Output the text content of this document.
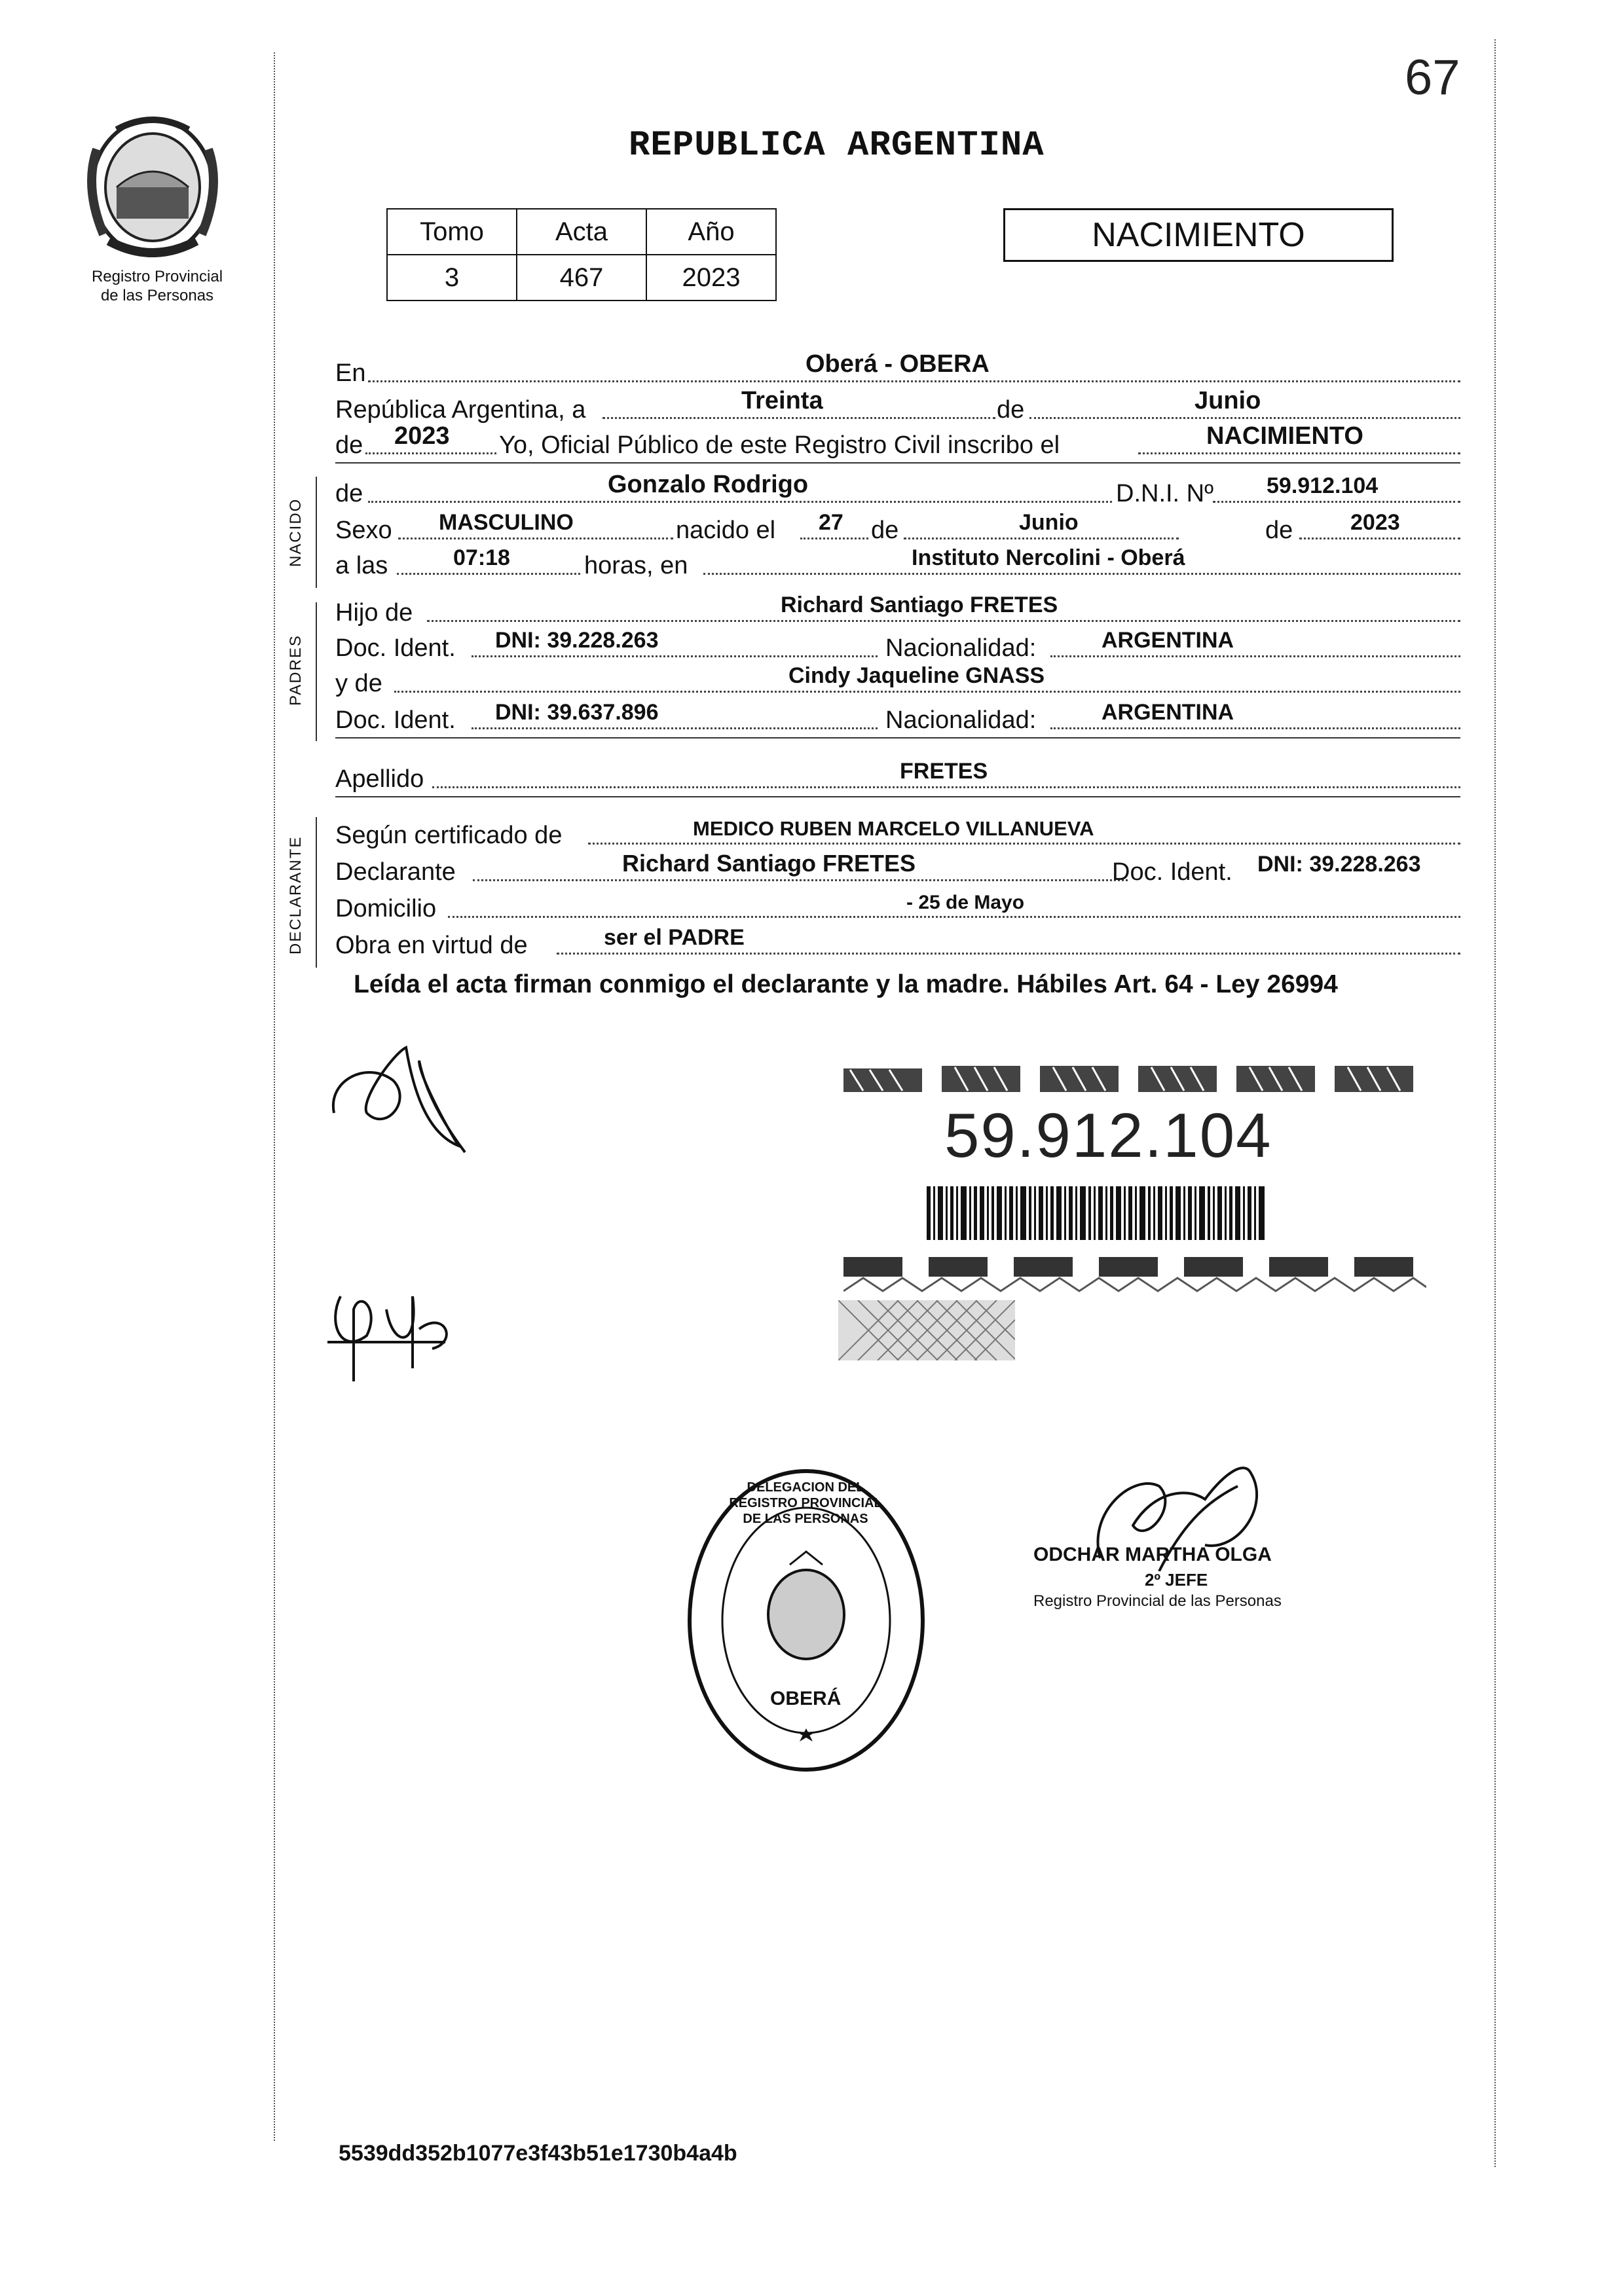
67
Registro Provincial
de las Personas
REPUBLICA ARGENTINA
Tomo	Acta	Año
3	467	2023
NACIMIENTO
En	Oberá - OBERA
República Argentina, a	Treinta	de	Junio
de 2023 Yo, Oficial Público de este Registro Civil inscribo el	NACIMIENTO
NACIDO
de	Gonzalo Rodrigo	D.N.I. Nº 59.912.104
Sexo MASCULINO	nacido el 27 de	Junio	de	2023
a las	07:18	horas, en	Instituto Nercolini - Oberá
PADRES
Hijo de	Richard Santiago FRETES
Doc. Ident. DNI: 39.228.263	Nacionalidad:	ARGENTINA
y de	Cindy Jaqueline GNASS
Doc. Ident. DNI: 39.637.896	Nacionalidad:	ARGENTINA
Apellido	FRETES
DECLARANTE
Según certificado de	MEDICO RUBEN MARCELO VILLANUEVA
Declarante	Richard Santiago FRETES	Doc. Ident. DNI: 39.228.263
Domicilio	- 25 de Mayo
Obra en virtud de	ser el PADRE
Leída el acta firman conmigo el declarante y la madre. Hábiles Art. 64 - Ley 26994
59.912.104
DELEGACION DEL REGISTRO PROVINCIAL DE LAS PERSONAS
OBERÁ
ODCHAR MARTHA OLGA
2º JEFE
Registro Provincial de las Personas
5539dd352b1077e3f43b51e1730b4a4b
